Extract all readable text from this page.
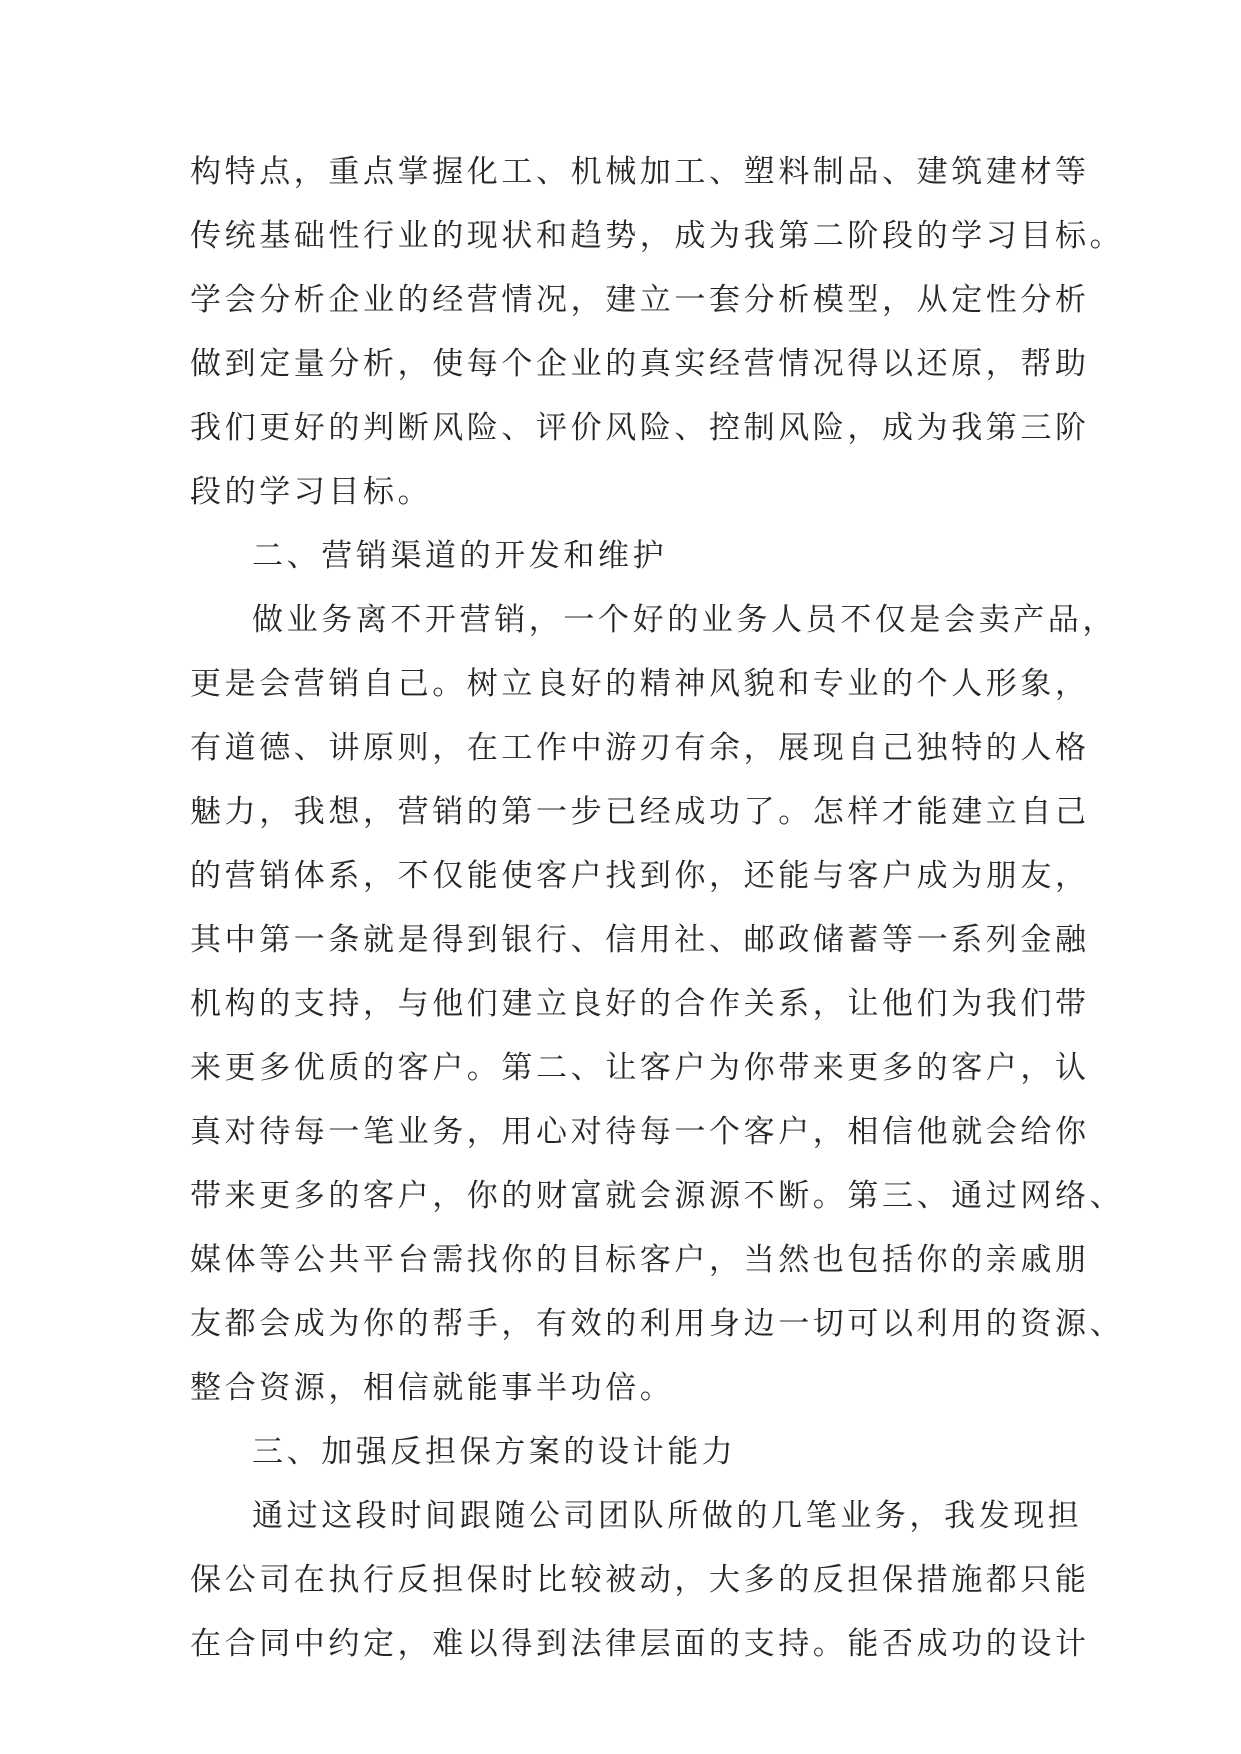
构特点，重点掌握化工、机械加工、塑料制品、建筑建材等
传统基础性行业的现状和趋势，成为我第二阶段的学习目标。
学会分析企业的经营情况，建立一套分析模型，从定性分析
做到定量分析，使每个企业的真实经营情况得以还原，帮助
我们更好的判断风险、评价风险、控制风险，成为我第三阶
段的学习目标。
二、营销渠道的开发和维护
做业务离不开营销，一个好的业务人员不仅是会卖产品，
更是会营销自己。树立良好的精神风貌和专业的个人形象，
有道德、讲原则，在工作中游刃有余，展现自己独特的人格
魅力，我想，营销的第一步已经成功了。怎样才能建立自己
的营销体系，不仅能使客户找到你，还能与客户成为朋友，
其中第一条就是得到银行、信用社、邮政储蓄等一系列金融
机构的支持，与他们建立良好的合作关系，让他们为我们带
来更多优质的客户。第二、让客户为你带来更多的客户，认
真对待每一笔业务，用心对待每一个客户，相信他就会给你
带来更多的客户，你的财富就会源源不断。第三、通过网络、
媒体等公共平台需找你的目标客户，当然也包括你的亲戚朋
友都会成为你的帮手，有效的利用身边一切可以利用的资源、
整合资源，相信就能事半功倍。
三、加强反担保方案的设计能力
通过这段时间跟随公司团队所做的几笔业务，我发现担
保公司在执行反担保时比较被动，大多的反担保措施都只能
在合同中约定，难以得到法律层面的支持。能否成功的设计
